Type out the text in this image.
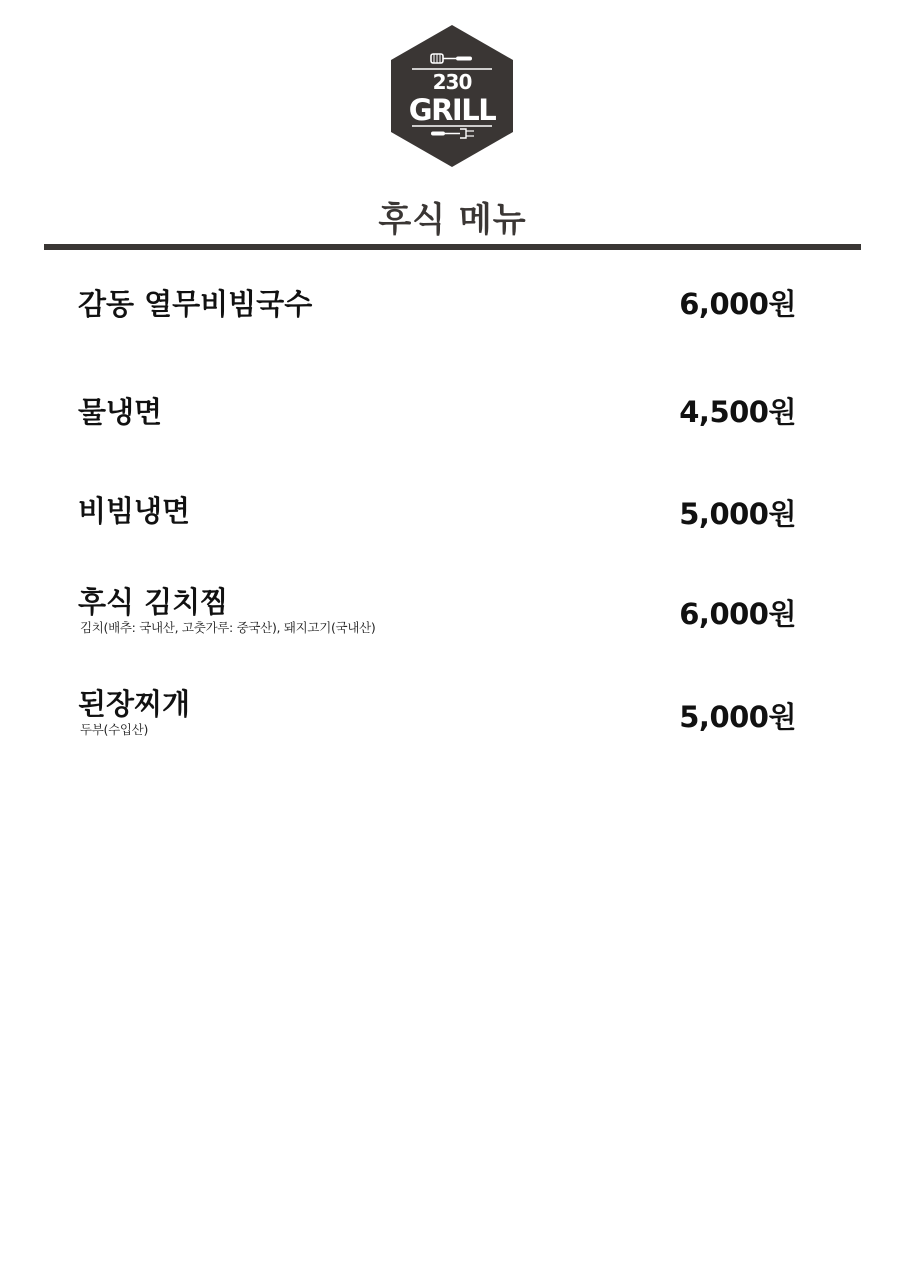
230
GRILL
후식 메뉴
감동 열무비빔국수	6,000원
물냉면	4,500원
비빔냉면	5,000원
후식 김치찜
김치(배추: 국내산, 고춧가루: 중국산), 돼지고기(국내산)	6,000원
된장찌개
두부(수입산)	5,000원
